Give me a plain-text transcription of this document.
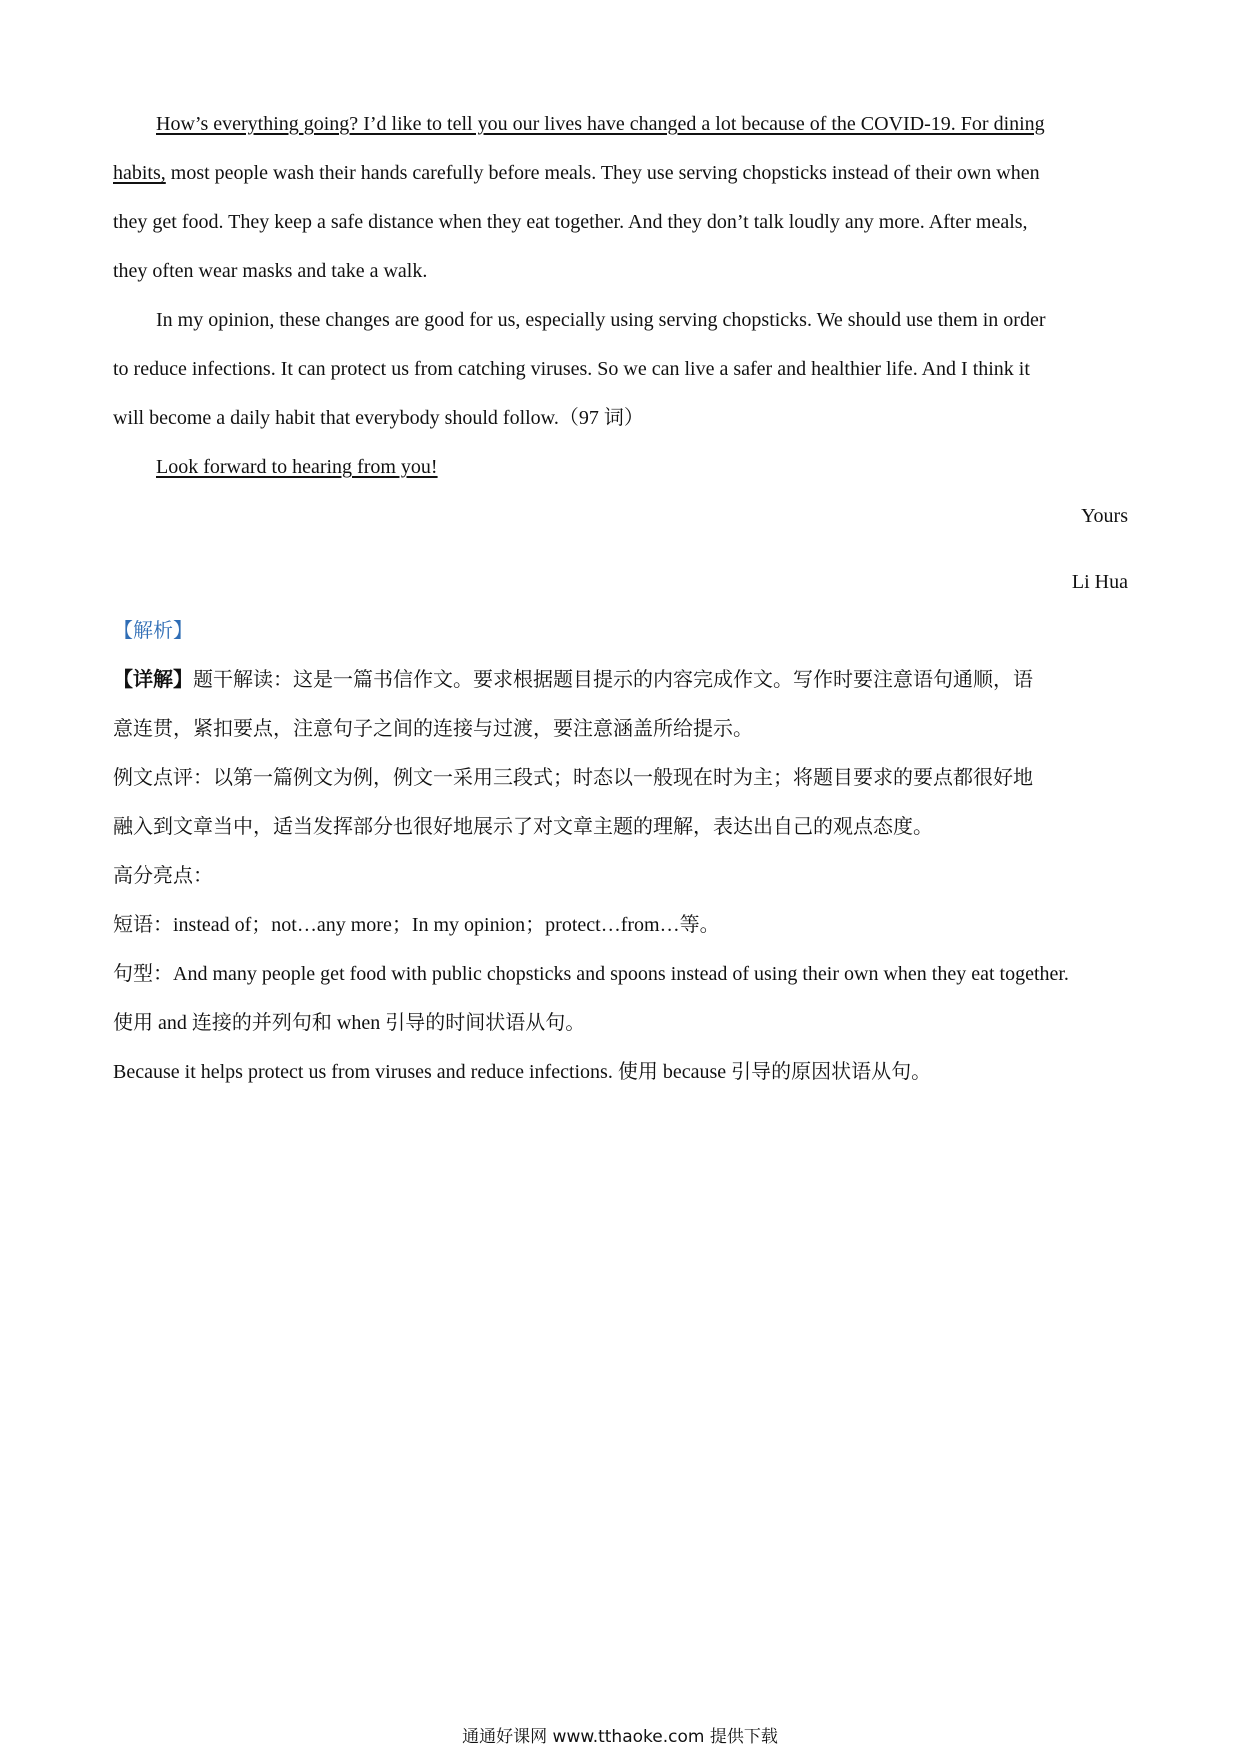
How’s everything going? I’d like to tell you our lives have changed a lot because of the COVID-19. For dining
habits, most people wash their hands carefully before meals. They use serving chopsticks instead of their own when
they get food. They keep a safe distance when they eat together. And they don’t talk loudly any more. After meals,
they often wear masks and take a walk.
In my opinion, these changes are good for us, especially using serving chopsticks. We should use them in order
to reduce infections. It can protect us from catching viruses. So we can live a safer and healthier life. And I think it
will become a daily habit that everybody should follow.（97 词）
Look forward to hearing from you!
Yours
Li Hua
【解析】
【详解】题干解读：这是一篇书信作文。要求根据题目提示的内容完成作文。写作时要注意语句通顺，语
意连贯，紧扣要点，注意句子之间的连接与过渡，要注意涵盖所给提示。
例文点评：以第一篇例文为例，例文一采用三段式；时态以一般现在时为主；将题目要求的要点都很好地
融入到文章当中，适当发挥部分也很好地展示了对文章主题的理解，表达出自己的观点态度。
高分亮点：
短语：instead of；not…any more；In my opinion；protect…from…等。
句型：And many people get food with public chopsticks and spoons instead of using their own when they eat together.
使用 and 连接的并列句和 when 引导的时间状语从句。
Because it helps protect us from viruses and reduce infections. 使用 because 引导的原因状语从句。
通通好课网 www.tthaoke.com 提供下载
